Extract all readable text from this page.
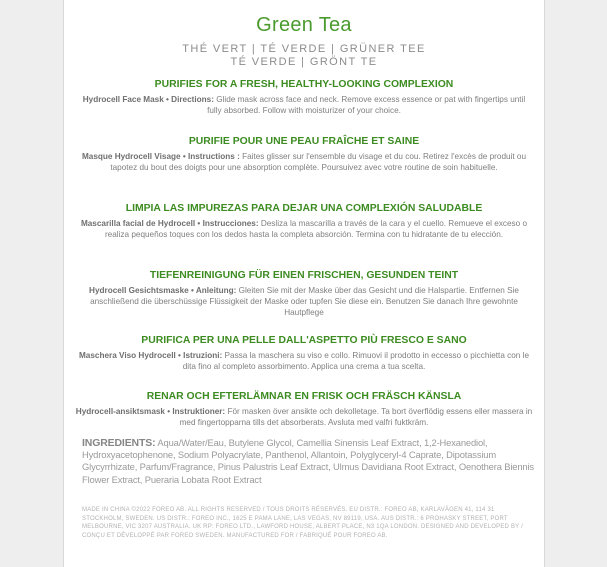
Green Tea
THÉ VERT | TÉ VERDE | GRÜNER TEE
TÉ VERDE | GRÖNT TE
PURIFIES FOR A FRESH, HEALTHY-LOOKING COMPLEXION
Hydrocell Face Mask • Directions: Glide mask across face and neck. Remove excess essence or pat with fingertips until fully absorbed. Follow with moisturizer of your choice.
PURIFIE POUR UNE PEAU FRAÎCHE ET SAINE
Masque Hydrocell Visage • Instructions : Faites glisser sur l'ensemble du visage et du cou. Retirez l'excès de produit ou tapotez du bout des doigts pour une absorption complète. Poursuivez avec votre routine de soin habituelle.
LIMPIA LAS IMPUREZAS PARA DEJAR UNA COMPLEXIÓN SALUDABLE
Mascarilla facial de Hydrocell • Instrucciones: Desliza la mascarilla a través de la cara y el cuello. Remueve el exceso o realiza pequeños toques con los dedos hasta la completa absorción. Termina con tu hidratante de tu elección.
TIEFENREINIGUNG FÜR EINEN FRISCHEN, GESUNDEN TEINT
Hydrocell Gesichtsmaske • Anleitung: Gleiten Sie mit der Maske über das Gesicht und die Halspartie. Entfernen Sie anschließend die überschüssige Flüssigkeit der Maske oder tupfen Sie diese ein. Benutzen Sie danach Ihre gewohnte Hautpflege
PURIFICA PER UNA PELLE DALL'ASPETTO PIÙ FRESCO E SANO
Maschera Viso Hydrocell • Istruzioni: Passa la maschera su viso e collo. Rimuovi il prodotto in eccesso o picchietta con le dita fino al completo assorbimento. Applica una crema a tua scelta.
RENAR OCH EFTERLÄMNAR EN FRISK OCH FRÄSCH KÄNSLA
Hydrocell-ansiktsmask • Instruktioner: För masken över ansikte och dekolletage. Ta bort överflödig essens eller massera in med fingertopparna tills det absorberats. Avsluta med valfri fuktkräm.
INGREDIENTS: Aqua/Water/Eau, Butylene Glycol, Camellia Sinensis Leaf Extract, 1,2-Hexanediol, Hydroxyacetophenone, Sodium Polyacrylate, Panthenol, Allantoin, Polyglyceryl-4 Caprate, Dipotassium Glycyrrhizate, Parfum/Fragrance, Pinus Palustris Leaf Extract, Ulmus Davidiana Root Extract, Oenothera Biennis Flower Extract, Pueraria Lobata Root Extract
MADE IN CHINA ©2022 FOREO AB. ALL RIGHTS RESERVED / TOUS DROITS RÉSERVÉS. EU DISTR.: FOREO AB, KARLAVÄGEN 41, 114 31 STOCKHOLM, SWEDEN. US DISTR.: FOREO INC., 1625 E PAMA LANE, LAS VEGAS, NV 89119, USA. AUS DISTR.: 6 PROHASKY STREET, PORT MELBOURNE, VIC 3207 AUSTRALIA. UK RP: FOREO LTD., LAWFORD HOUSE, ALBERT PLACE, N3 1QA LONDON. DESIGNED AND DEVELOPED BY / CONÇU ET DÉVELOPPÉ PAR FOREO SWEDEN. MANUFACTURED FOR / FABRIQUÉ POUR FOREO AB.
